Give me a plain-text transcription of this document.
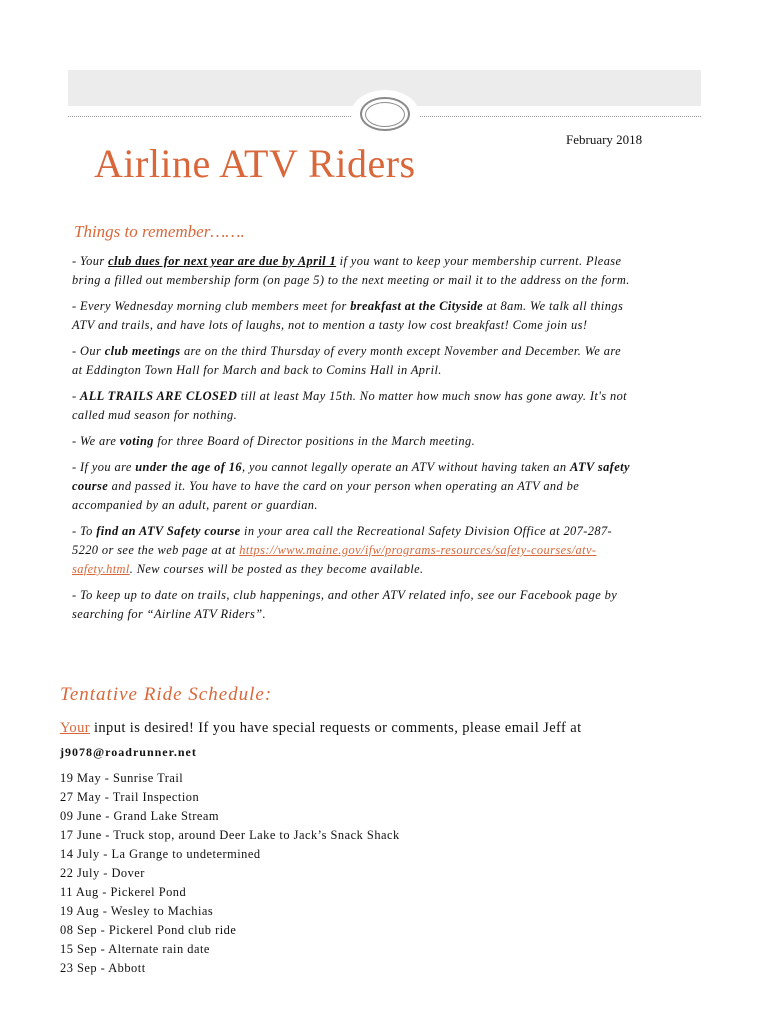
February 2018
Airline ATV Riders
Things to remember…….

- Your club dues for next year are due by April 1 if you want to keep your membership current. Please bring a filled out membership form (on page 5) to the next meeting or mail it to the address on the form.

- Every Wednesday morning club members meet for breakfast at the Cityside at 8am. We talk all things ATV and trails, and have lots of laughs, not to mention a tasty low cost breakfast! Come join us!

- Our club meetings are on the third Thursday of every month except November and December. We are at Eddington Town Hall for March and back to Comins Hall in April.

- ALL TRAILS ARE CLOSED till at least May 15th. No matter how much snow has gone away. It's not called mud season for nothing.

- We are voting for three Board of Director positions in the March meeting.

- If you are under the age of 16, you cannot legally operate an ATV without having taken an ATV safety course and passed it. You have to have the card on your person when operating an ATV and be accompanied by an adult, parent or guardian.

- To find an ATV Safety course in your area call the Recreational Safety Division Office at 207-287-5220 or see the web page at at https://www.maine.gov/ifw/programs-resources/safety-courses/atv-safety.html. New courses will be posted as they become available.

- To keep up to date on trails, club happenings, and other ATV related info, see our Facebook page by searching for “Airline ATV Riders”.

Tentative Ride Schedule:
Your input is desired! If you have special requests or comments, please email Jeff at j9078@roadrunner.net
19 May - Sunrise Trail
27 May - Trail Inspection
09 June - Grand Lake Stream
17 June - Truck stop, around Deer Lake to Jack’s Snack Shack
14 July - La Grange to undetermined
22 July - Dover
11 Aug - Pickerel Pond
19 Aug - Wesley to Machias
08 Sep - Pickerel Pond club ride
15 Sep - Alternate rain date
23 Sep - Abbott
